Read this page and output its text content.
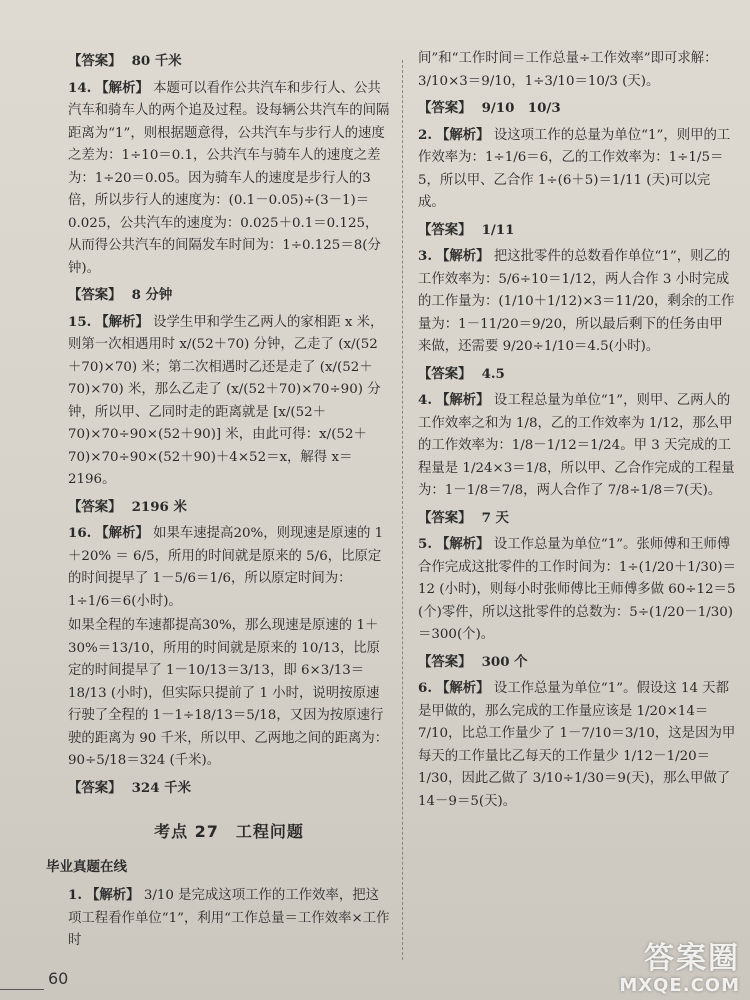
【答案】 80 千米
14. 【解析】 本题可以看作公共汽车和步行人、公共汽车和骑车人的两个追及过程。设每辆公共汽车的间隔距离为“1”，则根据题意得，公共汽车与步行人的速度之差为：1÷10＝0.1，公共汽车与骑车人的速度之差为：1÷20＝0.05。因为骑车人的速度是步行人的3倍，所以步行人的速度为：(0.1－0.05)÷(3－1)＝0.025，公共汽车的速度为：0.025＋0.1＝0.125，从而得公共汽车的间隔发车时间为：1÷0.125＝8(分钟)。
【答案】 8 分钟
15. 【解析】 设学生甲和学生乙两人的家相距 x 米，则第一次相遇用时 x/(52＋70) 分钟，乙走了 (x/(52＋70)×70) 米；第二次相遇时乙还是走了 (x/(52＋70)×70) 米，那么乙走了 (x/(52＋70)×70÷90) 分钟，所以甲、乙同时走的距离就是 [x/(52＋70)×70÷90×(52＋90)] 米，由此可得：x/(52＋70)×70÷90×(52＋90)＋4×52＝x，解得 x＝2196。
【答案】 2196 米
16. 【解析】 如果车速提高20%，则现速是原速的 1＋20% ＝ 6/5，所用的时间就是原来的 5/6，比原定的时间提早了 1－5/6＝1/6，所以原定时间为：1÷1/6＝6(小时)。
如果全程的车速都提高30%，那么现速是原速的 1＋30%＝13/10，所用的时间就是原来的 10/13，比原定的时间提早了 1－10/13＝3/13，即 6×3/13＝18/13 (小时)，但实际只提前了 1 小时，说明按原速行驶了全程的 1－1÷18/13＝5/18，又因为按原速行驶的距离为 90 千米，所以甲、乙两地之间的距离为：90÷5/18＝324 (千米)。
【答案】 324 千米
考点 27　工程问题
毕业真题在线
1. 【解析】 3/10 是完成这项工作的工作效率，把这项工程看作单位“1”，利用“工作总量＝工作效率×工作时
间”和“工作时间＝工作总量÷工作效率”即可求解：3/10×3＝9/10，1÷3/10＝10/3 (天)。
【答案】 9/10　10/3
2. 【解析】 设这项工作的总量为单位“1”，则甲的工作效率为：1÷1/6＝6，乙的工作效率为：1÷1/5＝5，所以甲、乙合作 1÷(6＋5)＝1/11 (天)可以完成。
【答案】 1/11
3. 【解析】 把这批零件的总数看作单位“1”，则乙的工作效率为：5/6÷10＝1/12，两人合作 3 小时完成的工作量为：(1/10＋1/12)×3＝11/20，剩余的工作量为：1－11/20＝9/20，所以最后剩下的任务由甲来做，还需要 9/20÷1/10＝4.5(小时)。
【答案】 4.5
4. 【解析】 设工程总量为单位“1”，则甲、乙两人的工作效率之和为 1/8，乙的工作效率为 1/12，那么甲的工作效率为：1/8－1/12＝1/24。甲 3 天完成的工程量是 1/24×3＝1/8，所以甲、乙合作完成的工程量为：1－1/8＝7/8，两人合作了 7/8÷1/8＝7(天)。
【答案】 7 天
5. 【解析】 设工作总量为单位“1”。张师傅和王师傅合作完成这批零件的工作时间为：1÷(1/20＋1/30)＝12 (小时)，则每小时张师傅比王师傅多做 60÷12＝5 (个)零件，所以这批零件的总数为：5÷(1/20－1/30)＝300(个)。
【答案】 300 个
6. 【解析】 设工作总量为单位“1”。假设这 14 天都是甲做的，那么完成的工作量应该是 1/20×14＝7/10，比总工作量少了 1－7/10＝3/10，这是因为甲每天的工作量比乙每天的工作量少 1/12－1/20＝1/30，因此乙做了 3/10÷1/30＝9(天)，那么甲做了 14－9＝5(天)。
60
答案圈
MXQE.COM
